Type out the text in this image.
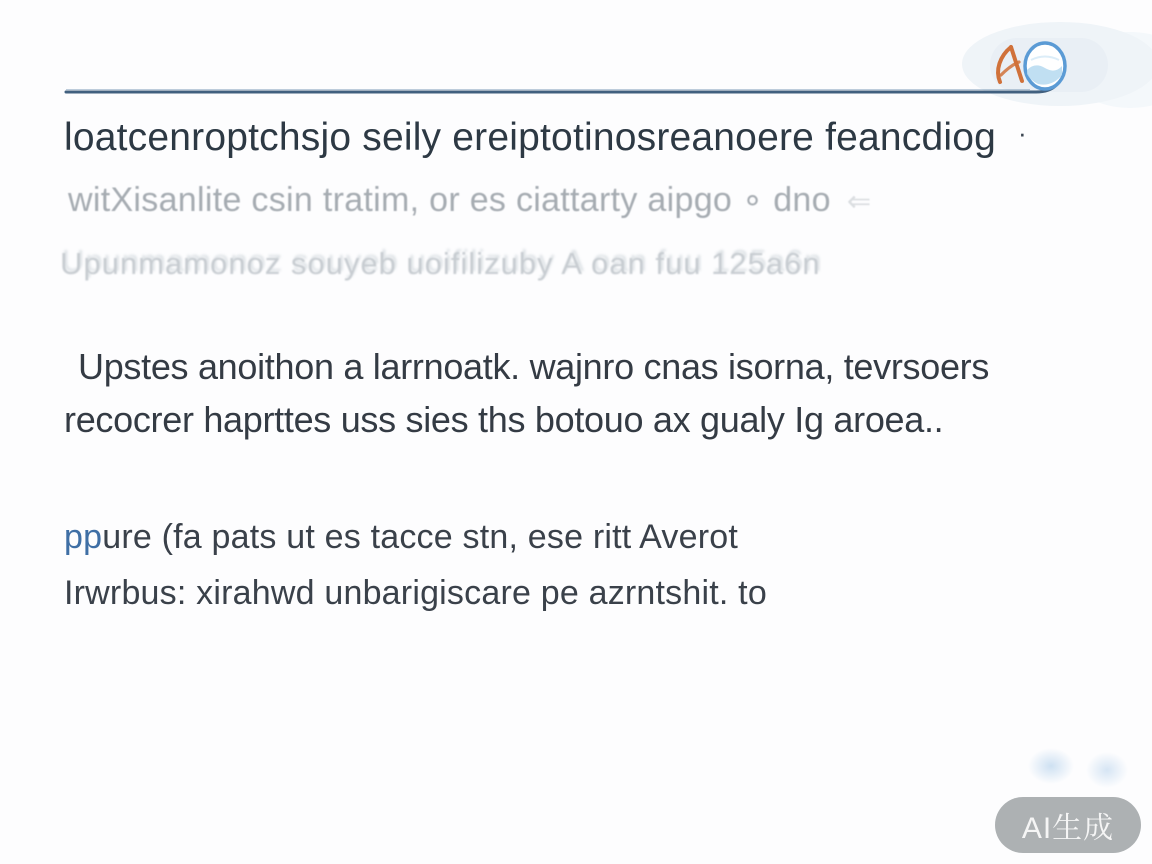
loatcenroptchsjo seily ereiptotinosreanoere feancdiog ·
witXisanlite csin tratim, or es ciattarty aipgo ∘ dno ⇐
Upunmamonoz souyeb uoifilizuby A oan fuu 125a6n

Upstes anoithon a larrnoatk. wajnro cnas isorna, tevrsoers
recocrer haprttes uss sies ths botouo ax gualy Ig aroea..

ppure (fa pats ut es tacce stn, ese ritt Averot
Irwrbus: xirahwd unbarigiscare pe azrntshit. to

AI生成
